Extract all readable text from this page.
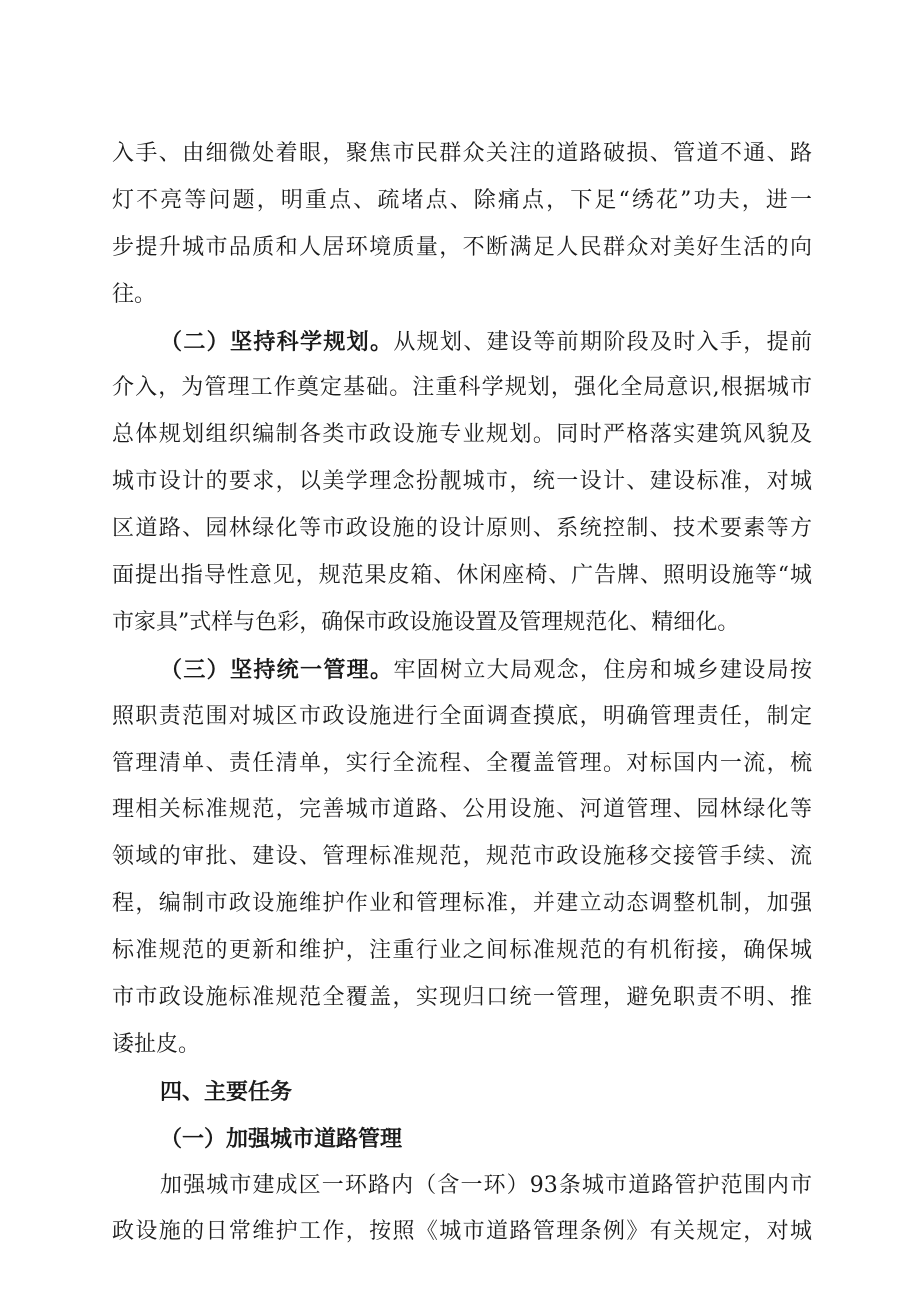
入手、由细微处着眼，聚焦市民群众关注的道路破损、管道不通、路
灯不亮等问题，明重点、疏堵点、除痛点，下足“绣花”功夫，进一
步提升城市品质和人居环境质量，不断满足人民群众对美好生活的向
往。
（二）坚持科学规划。从规划、建设等前期阶段及时入手，提前
介入，为管理工作奠定基础。注重科学规划，强化全局意识,根据城市
总体规划组织编制各类市政设施专业规划。同时严格落实建筑风貌及
城市设计的要求，以美学理念扮靓城市，统一设计、建设标准，对城
区道路、园林绿化等市政设施的设计原则、系统控制、技术要素等方
面提出指导性意见，规范果皮箱、休闲座椅、广告牌、照明设施等“城
市家具”式样与色彩，确保市政设施设置及管理规范化、精细化。
（三）坚持统一管理。牢固树立大局观念，住房和城乡建设局按
照职责范围对城区市政设施进行全面调查摸底，明确管理责任，制定
管理清单、责任清单，实行全流程、全覆盖管理。对标国内一流，梳
理相关标准规范，完善城市道路、公用设施、河道管理、园林绿化等
领域的审批、建设、管理标准规范，规范市政设施移交接管手续、流
程，编制市政设施维护作业和管理标准，并建立动态调整机制，加强
标准规范的更新和维护，注重行业之间标准规范的有机衔接，确保城
市市政设施标准规范全覆盖，实现归口统一管理，避免职责不明、推
诿扯皮。
四、主要任务
（一）加强城市道路管理
加强城市建成区一环路内（含一环）93条城市道路管护范围内市
政设施的日常维护工作，按照《城市道路管理条例》有关规定，对城
